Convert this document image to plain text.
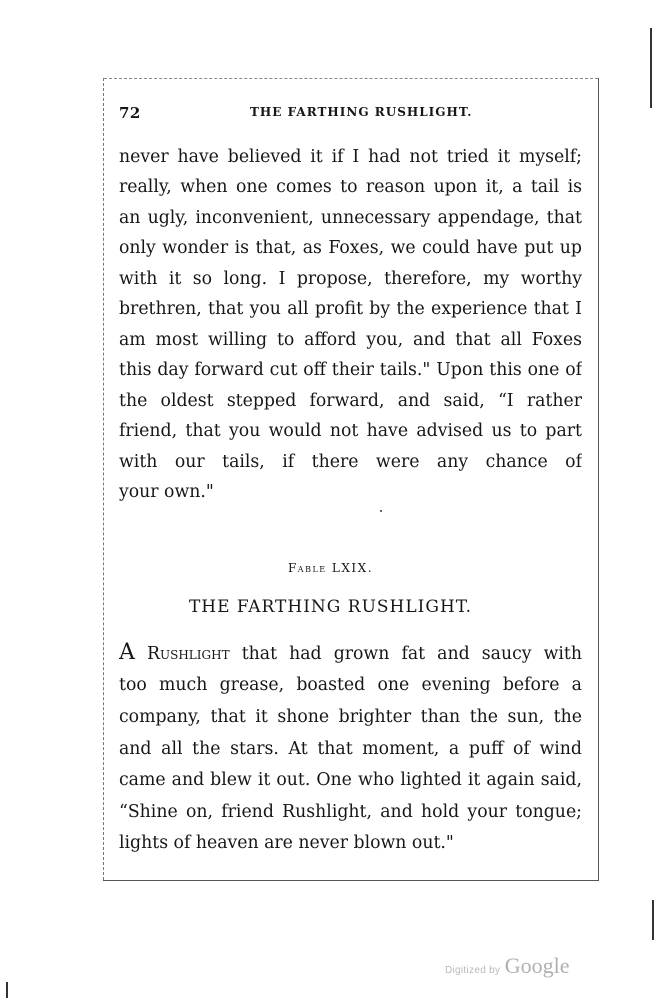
72	THE FARTHING RUSHLIGHT.

never have believed it if I had not tried it myself;

really, when one comes to reason upon it, a tail is

an ugly, inconvenient, unnecessary appendage, that

only wonder is that, as Foxes, we could have put up

with it so long. I propose, therefore, my worthy

brethren, that you all profit by the experience that I

am most willing to afford you, and that all Foxes

this day forward cut off their tails." Upon this one of

the oldest stepped forward, and said, “I rather

friend, that you would not have advised us to part

with our tails, if there were any chance of

your own."

Fable LXIX.
THE FARTHING RUSHLIGHT.

A Rushlight that had grown fat and saucy with

too much grease, boasted one evening before a

company, that it shone brighter than the sun, the

and all the stars. At that moment, a puff of wind

came and blew it out. One who lighted it again said,

“Shine on, friend Rushlight, and hold your tongue;

lights of heaven are never blown out."

Digitized by Google
